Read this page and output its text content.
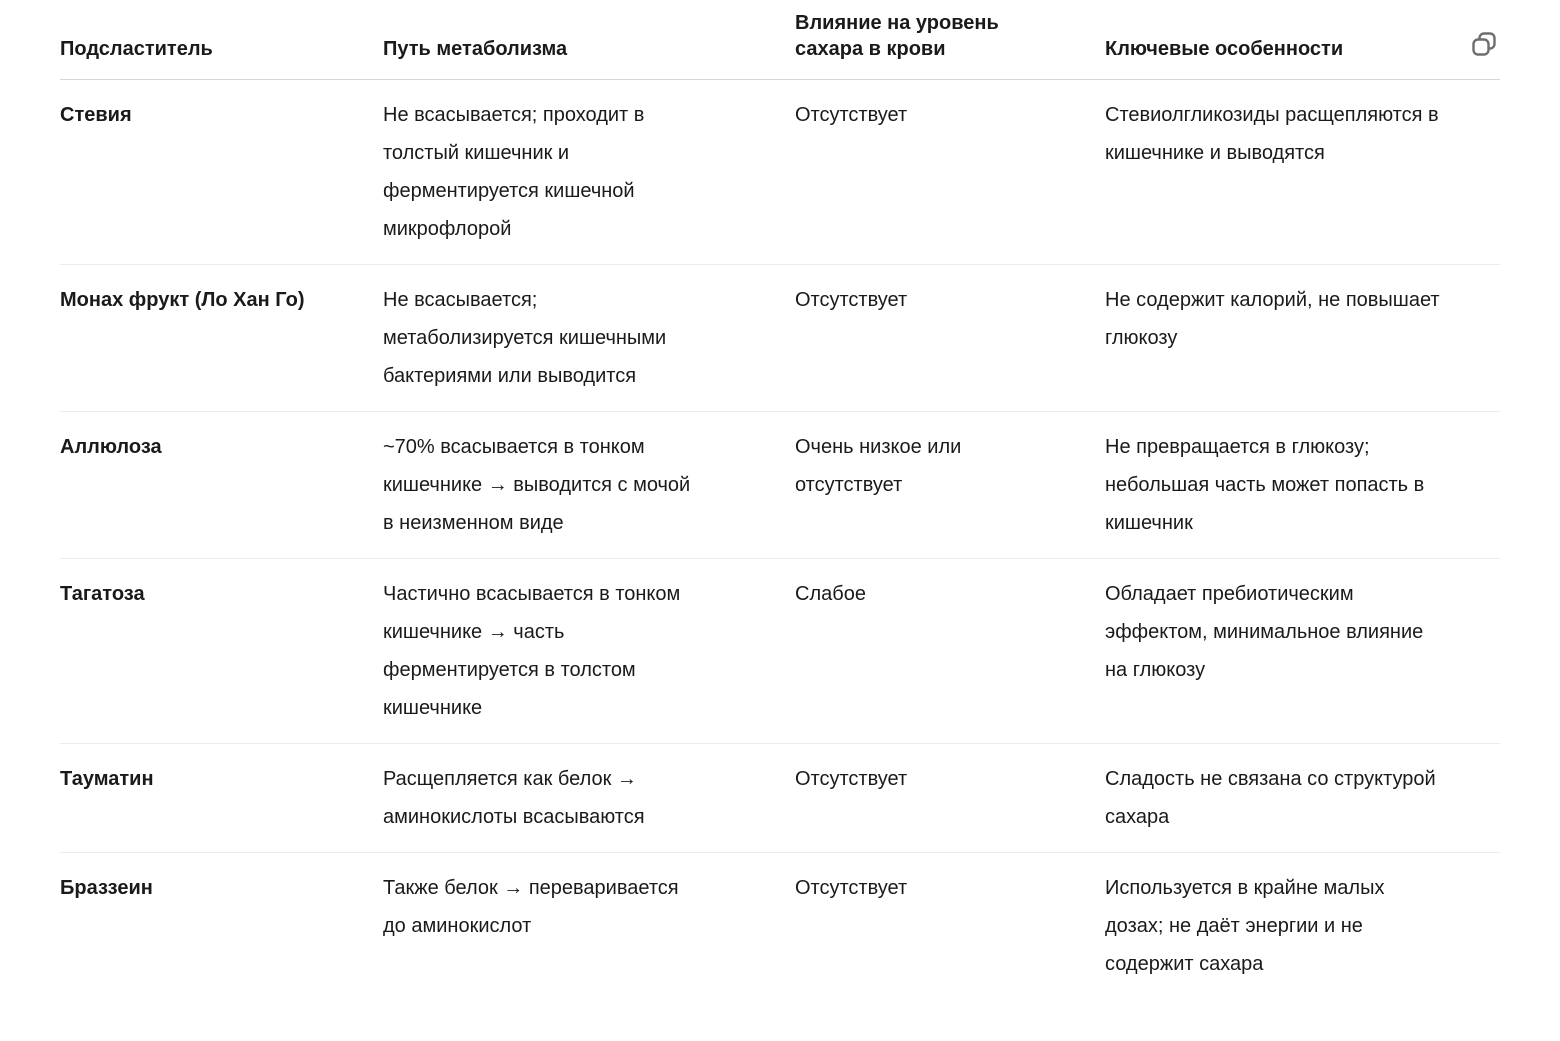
Подсластитель	Путь метаболизма	Влияние на уровень сахара в крови	Ключевые особенности

Стевия	Не всасывается; проходит в толстый кишечник и ферментируется кишечной микрофлорой	Отсутствует	Стевиолгликозиды расщепляются в кишечнике и выводятся
Монах фрукт (Ло Хан Го)	Не всасывается; метаболизируется кишечными бактериями или выводится	Отсутствует	Не содержит калорий, не повышает глюкозу
Аллюлоза	~70% всасывается в тонком кишечнике → выводится с мочой в неизменном виде	Очень низкое или отсутствует	Не превращается в глюкозу; небольшая часть может попасть в кишечник
Тагатоза	Частично всасывается в тонком кишечнике → часть ферментируется в толстом кишечнике	Слабое	Обладает пребиотическим эффектом, минимальное влияние на глюкозу
Тауматин	Расщепляется как белок → аминокислоты всасываются	Отсутствует	Сладость не связана со структурой сахара
Браззеин	Также белок → переваривается до аминокислот	Отсутствует	Используется в крайне малых дозах; не даёт энергии и не содержит сахара
